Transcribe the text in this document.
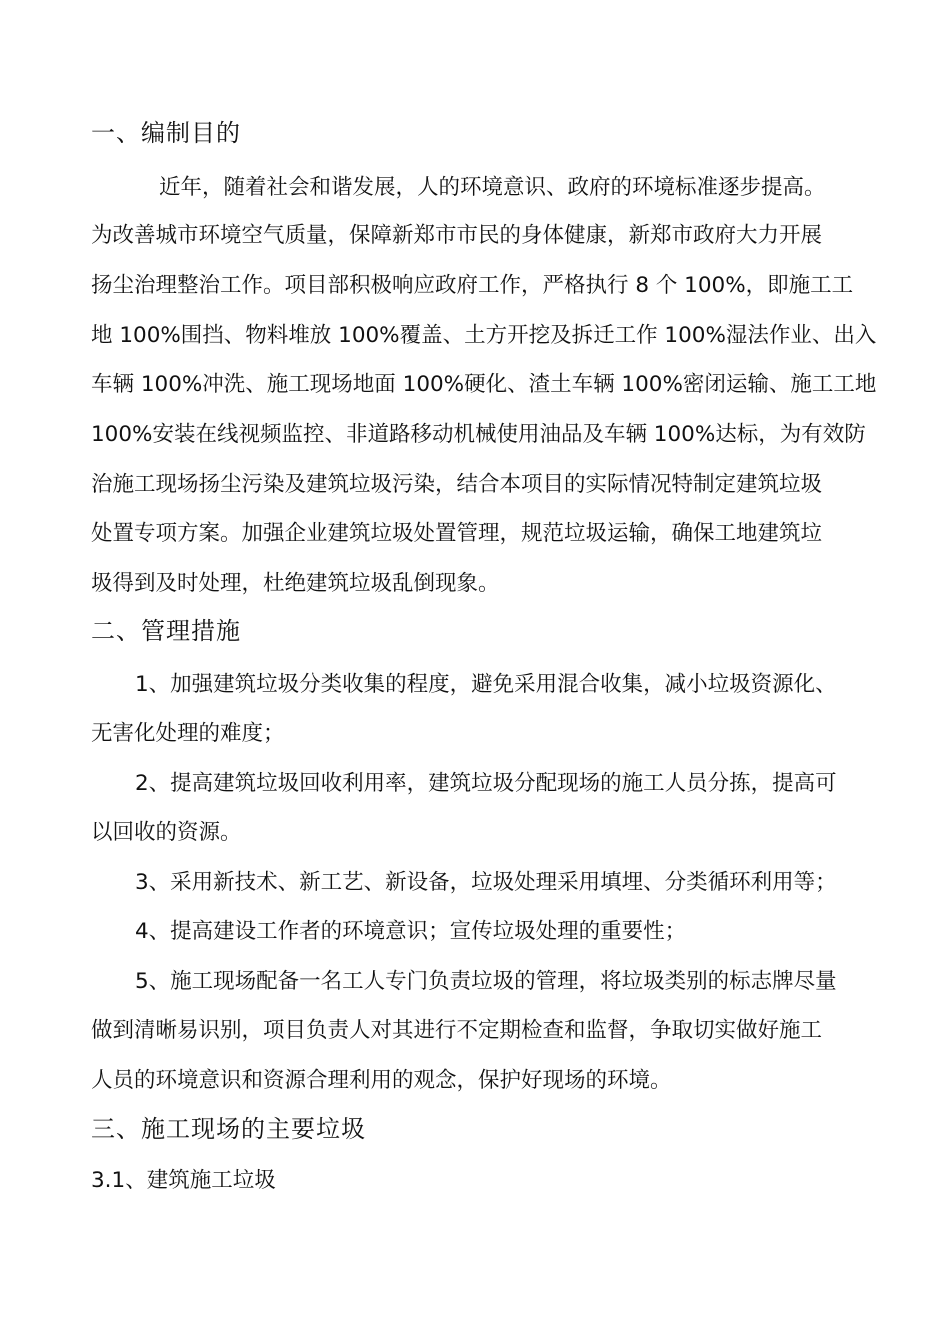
一、编制目的
近年，随着社会和谐发展，人的环境意识、政府的环境标准逐步提高。
为改善城市环境空气质量，保障新郑市市民的身体健康，新郑市政府大力开展
扬尘治理整治工作。项目部积极响应政府工作，严格执行 8 个 100%，即施工工
地 100%围挡、物料堆放 100%覆盖、土方开挖及拆迁工作 100%湿法作业、出入
车辆 100%冲洗、施工现场地面 100%硬化、渣土车辆 100%密闭运输、施工工地
100%安装在线视频监控、非道路移动机械使用油品及车辆 100%达标，为有效防
治施工现场扬尘污染及建筑垃圾污染，结合本项目的实际情况特制定建筑垃圾
处置专项方案。加强企业建筑垃圾处置管理，规范垃圾运输，确保工地建筑垃
圾得到及时处理，杜绝建筑垃圾乱倒现象。
二、管理措施
1、加强建筑垃圾分类收集的程度，避免采用混合收集，减小垃圾资源化、
无害化处理的难度；
2、提高建筑垃圾回收利用率，建筑垃圾分配现场的施工人员分拣，提高可
以回收的资源。
3、采用新技术、新工艺、新设备，垃圾处理采用填埋、分类循环利用等；
4、提高建设工作者的环境意识；宣传垃圾处理的重要性；
5、施工现场配备一名工人专门负责垃圾的管理，将垃圾类别的标志牌尽量
做到清晰易识别，项目负责人对其进行不定期检查和监督，争取切实做好施工
人员的环境意识和资源合理利用的观念，保护好现场的环境。
三、施工现场的主要垃圾
3.1、建筑施工垃圾
